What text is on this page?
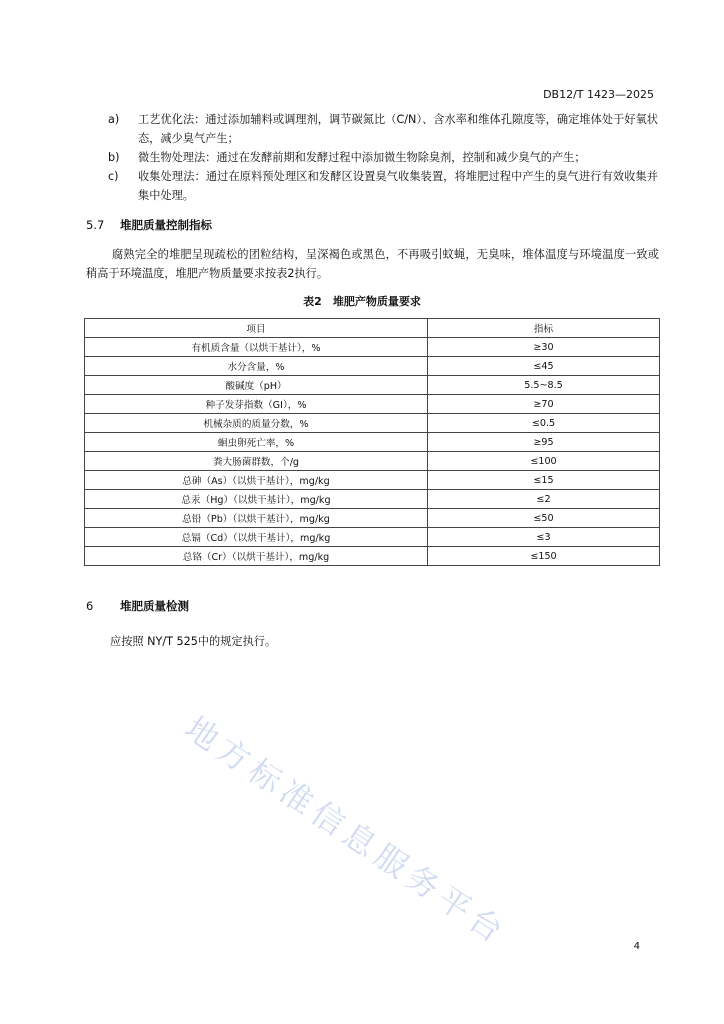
DB12/T 1423—2025
a)	工艺优化法：通过添加辅料或调理剂，调节碳氮比（C/N）、含水率和维体孔隙度等，确定堆体处于好氧状态，减少臭气产生；
b)	微生物处理法：通过在发酵前期和发酵过程中添加微生物除臭剂，控制和减少臭气的产生；
c)	收集处理法：通过在原料预处理区和发酵区设置臭气收集装置，将堆肥过程中产生的臭气进行有效收集并集中处理。
5.7 堆肥质量控制指标
腐熟完全的堆肥呈现疏松的团粒结构，呈深褐色或黑色，不再吸引蚊蝇，无臭味，堆体温度与环境温度一致或稍高于环境温度，堆肥产物质量要求按表2执行。
表2　堆肥产物质量要求
项目	指标
有机质含量（以烘干基计），%	≥30
水分含量，%	≤45
酸碱度（pH）	5.5~8.5
种子发芽指数（GI），%	≥70
机械杂质的质量分数，%	≤0.5
蛔虫卵死亡率，%	≥95
粪大肠菌群数，个/g	≤100
总砷（As）（以烘干基计），mg/kg	≤15
总汞（Hg）（以烘干基计），mg/kg	≤2
总铅（Pb）（以烘干基计），mg/kg	≤50
总镉（Cd）（以烘干基计），mg/kg	≤3
总铬（Cr）（以烘干基计），mg/kg	≤150
6 堆肥质量检测
应按照 NY/T 525中的规定执行。
地方标准信息服务平台	4
